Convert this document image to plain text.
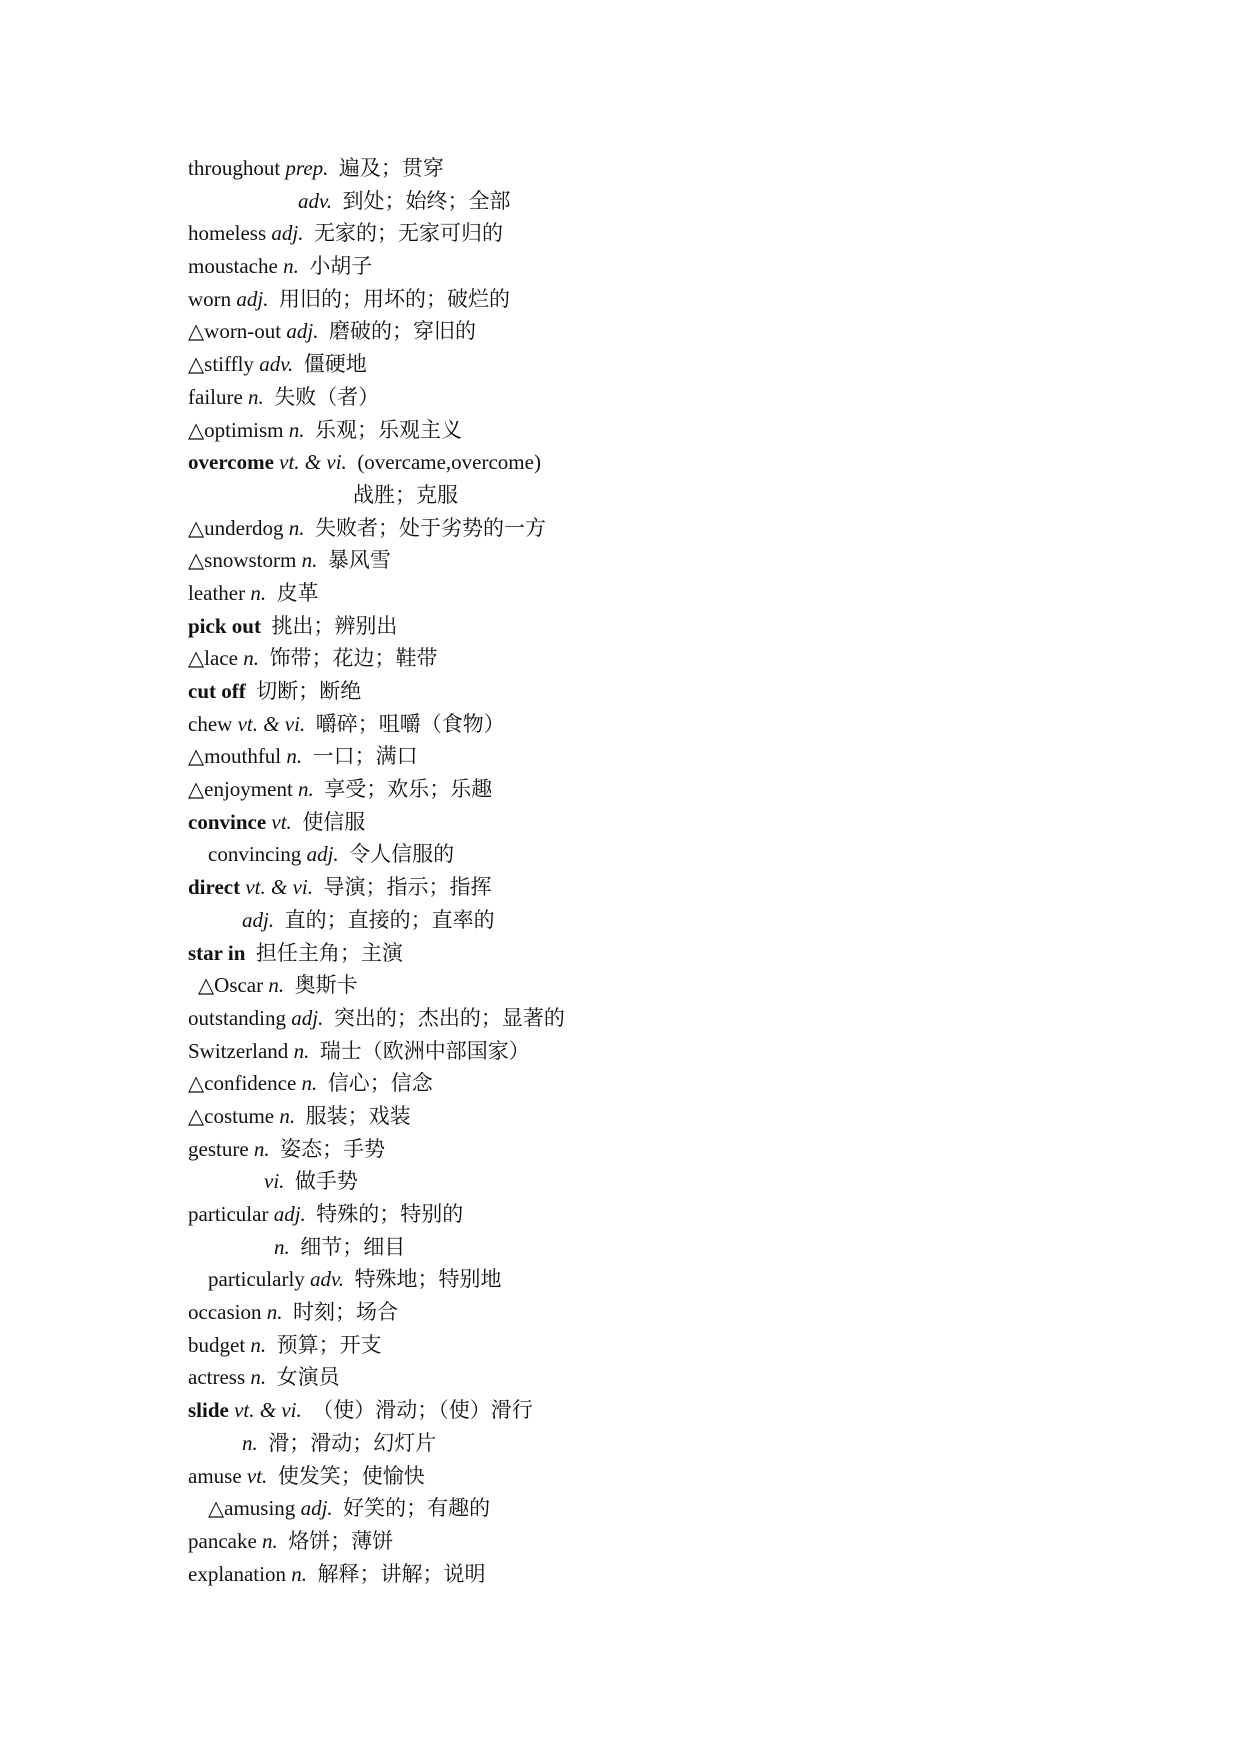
throughout prep. 遍及；贯穿
adv. 到处；始终；全部
homeless adj. 无家的；无家可归的
moustache n. 小胡子
worn adj. 用旧的；用坏的；破烂的
△worn-out adj. 磨破的；穿旧的
△stiffly adv. 僵硬地
failure n. 失败（者）
△optimism n. 乐观；乐观主义
overcome vt. & vi. (overcame,overcome)
战胜；克服
△underdog n. 失败者；处于劣势的一方
△snowstorm n. 暴风雪
leather n. 皮革
pick out 挑出；辨别出
△lace n. 饰带；花边；鞋带
cut off 切断；断绝
chew vt. & vi. 嚼碎；咀嚼（食物）
△mouthful n. 一口；满口
△enjoyment n. 享受；欢乐；乐趣
convince vt. 使信服
convincing adj. 令人信服的
direct vt. & vi. 导演；指示；指挥
adj. 直的；直接的；直率的
star in 担任主角；主演
△Oscar n. 奥斯卡
outstanding adj. 突出的；杰出的；显著的
Switzerland n. 瑞士（欧洲中部国家）
△confidence n. 信心；信念
△costume n. 服装；戏装
gesture n. 姿态；手势
vi. 做手势
particular adj. 特殊的；特别的
n. 细节；细目
particularly adv. 特殊地；特别地
occasion n. 时刻；场合
budget n. 预算；开支
actress n. 女演员
slide vt. & vi. （使）滑动；（使）滑行
n. 滑；滑动；幻灯片
amuse vt. 使发笑；使愉快
△amusing adj. 好笑的；有趣的
pancake n. 烙饼；薄饼
explanation n. 解释；讲解；说明
